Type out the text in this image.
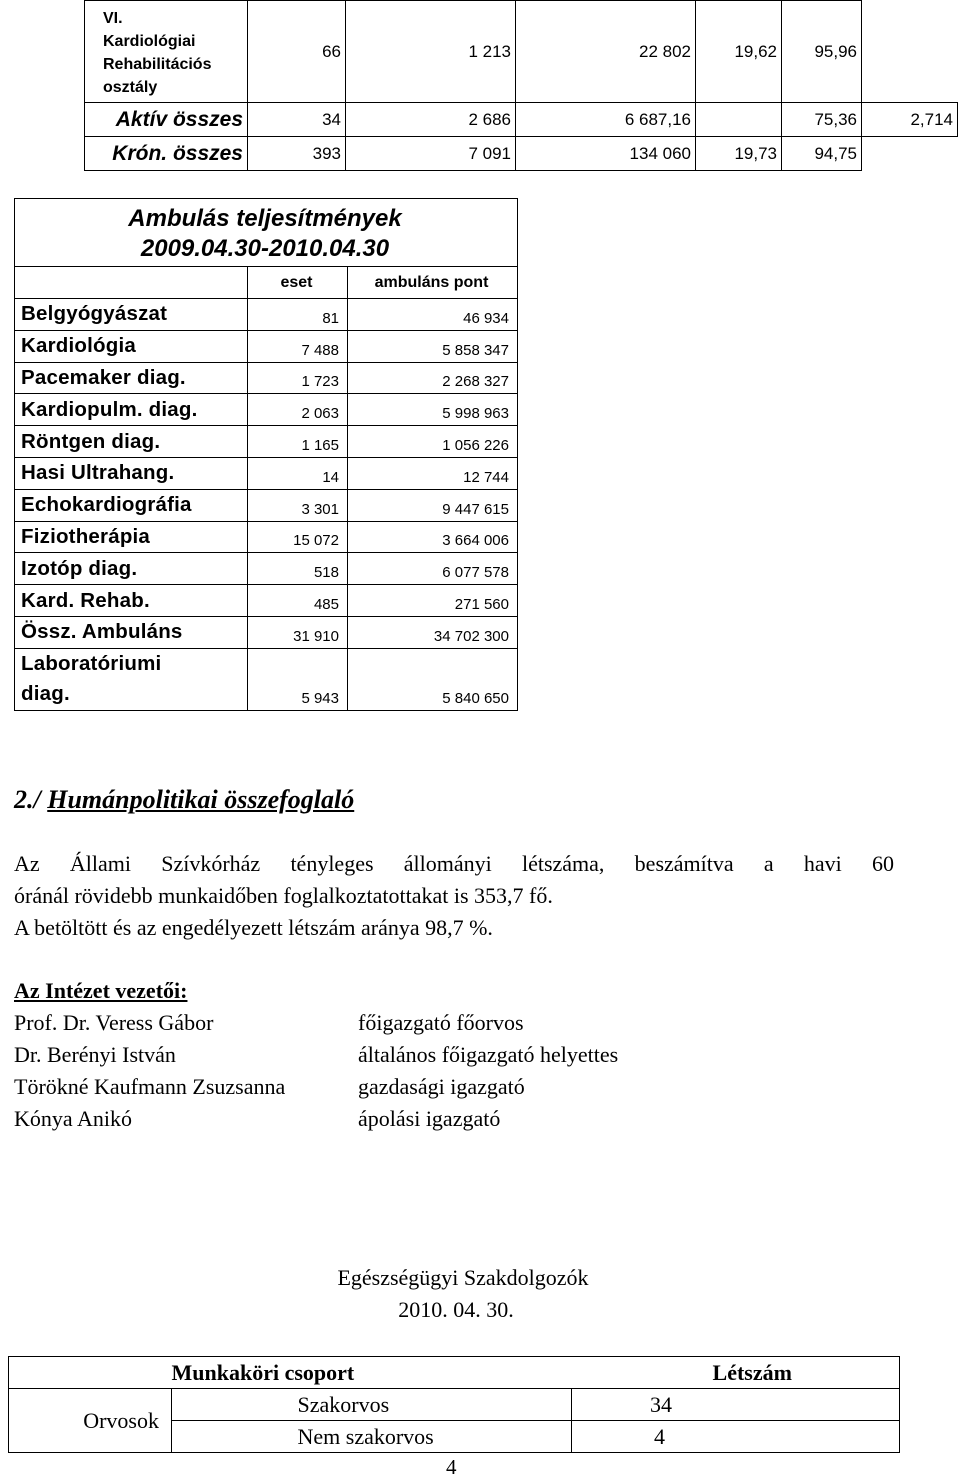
VI.
Kardiológiai
Rehabilitációs
osztály	66	1 213	22 802	19,62	95,96	
Aktív összes	34	2 686	6 687,16		75,36	2,714
Krón. összes	393	7 091	134 060	19,73	94,75	
Ambulás teljesítmények
2009.04.30-2010.04.30		

	eset	ambuláns pont
Belgyógyászat	81	46 934
Kardiológia	7 488	5 858 347
Pacemaker diag.	1 723	2 268 327
Kardiopulm. diag.	2 063	5 998 963
Röntgen diag.	1 165	1 056 226
Hasi Ultrahang.	14	12 744
Echokardiográfia	3 301	9 447 615
Fiziotherápia	15 072	3 664 006
Izotóp diag.	518	6 077 578
Kard. Rehab.	485	271 560
Össz. Ambuláns	31 910	34 702 300

Laboratóriumi
diag.	5 943	5 840 650
2./ Humánpolitikai összefoglaló
Az Állami Szívkórház tényleges állományi létszáma, beszámítva a havi 60
óránál rövidebb munkaidőben foglalkoztatottakat is 353,7 fő.
A betöltött és az engedélyezett létszám aránya 98,7 %.
Az Intézet vezetői:
Prof. Dr. Veress Gábor	főigazgató főorvos
Dr. Berényi István	általános főigazgató helyettes
Törökné Kaufmann Zsuzsanna	gazdasági igazgató
Kónya Anikó	ápolási igazgató
Egészségügyi Szakdolgozók
2010. 04. 30.
	Munkaköri csoport		Létszám
Orvosok		Szakorvos	34
		Nem szakorvos	4
4
